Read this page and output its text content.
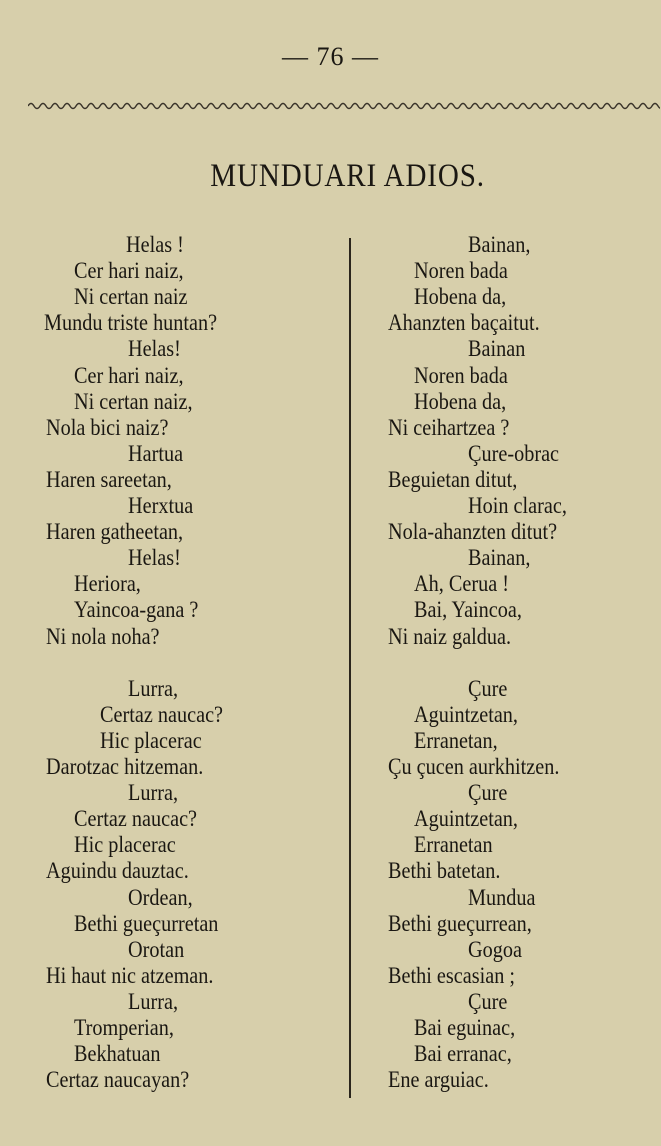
— 76 —
MUNDUARI ADIOS.
Helas !
Cer hari naiz,
Ni certan naiz
Mundu triste huntan?
Helas!
Cer hari naiz,
Ni certan naiz,
Nola bici naiz?
Hartua
Haren sareetan,
Herxtua
Haren gatheetan,
Helas!
Heriora,
Yaincoa-gana ?
Ni nola noha?
Lurra,
Certaz naucac?
Hic placerac
Darotzac hitzeman.
Lurra,
Certaz naucac?
Hic placerac
Aguindu dauztac.
Ordean,
Bethi gueçurretan
Orotan
Hi haut nic atzeman.
Lurra,
Tromperian,
Bekhatuan
Certaz naucayan?
Bainan,
Noren bada
Hobena da,
Ahanzten baçaitut.
Bainan
Noren bada
Hobena da,
Ni ceihartzea ?
Çure-obrac
Beguietan ditut,
Hoin clarac,
Nola-ahanzten ditut?
Bainan,
Ah, Cerua !
Bai, Yaincoa,
Ni naiz galdua.
Çure
Aguintzetan,
Erranetan,
Çu çucen aurkhitzen.
Çure
Aguintzetan,
Erranetan
Bethi batetan.
Mundua
Bethi gueçurrean,
Gogoa
Bethi escasian ;
Çure
Bai eguinac,
Bai erranac,
Ene arguiac.
